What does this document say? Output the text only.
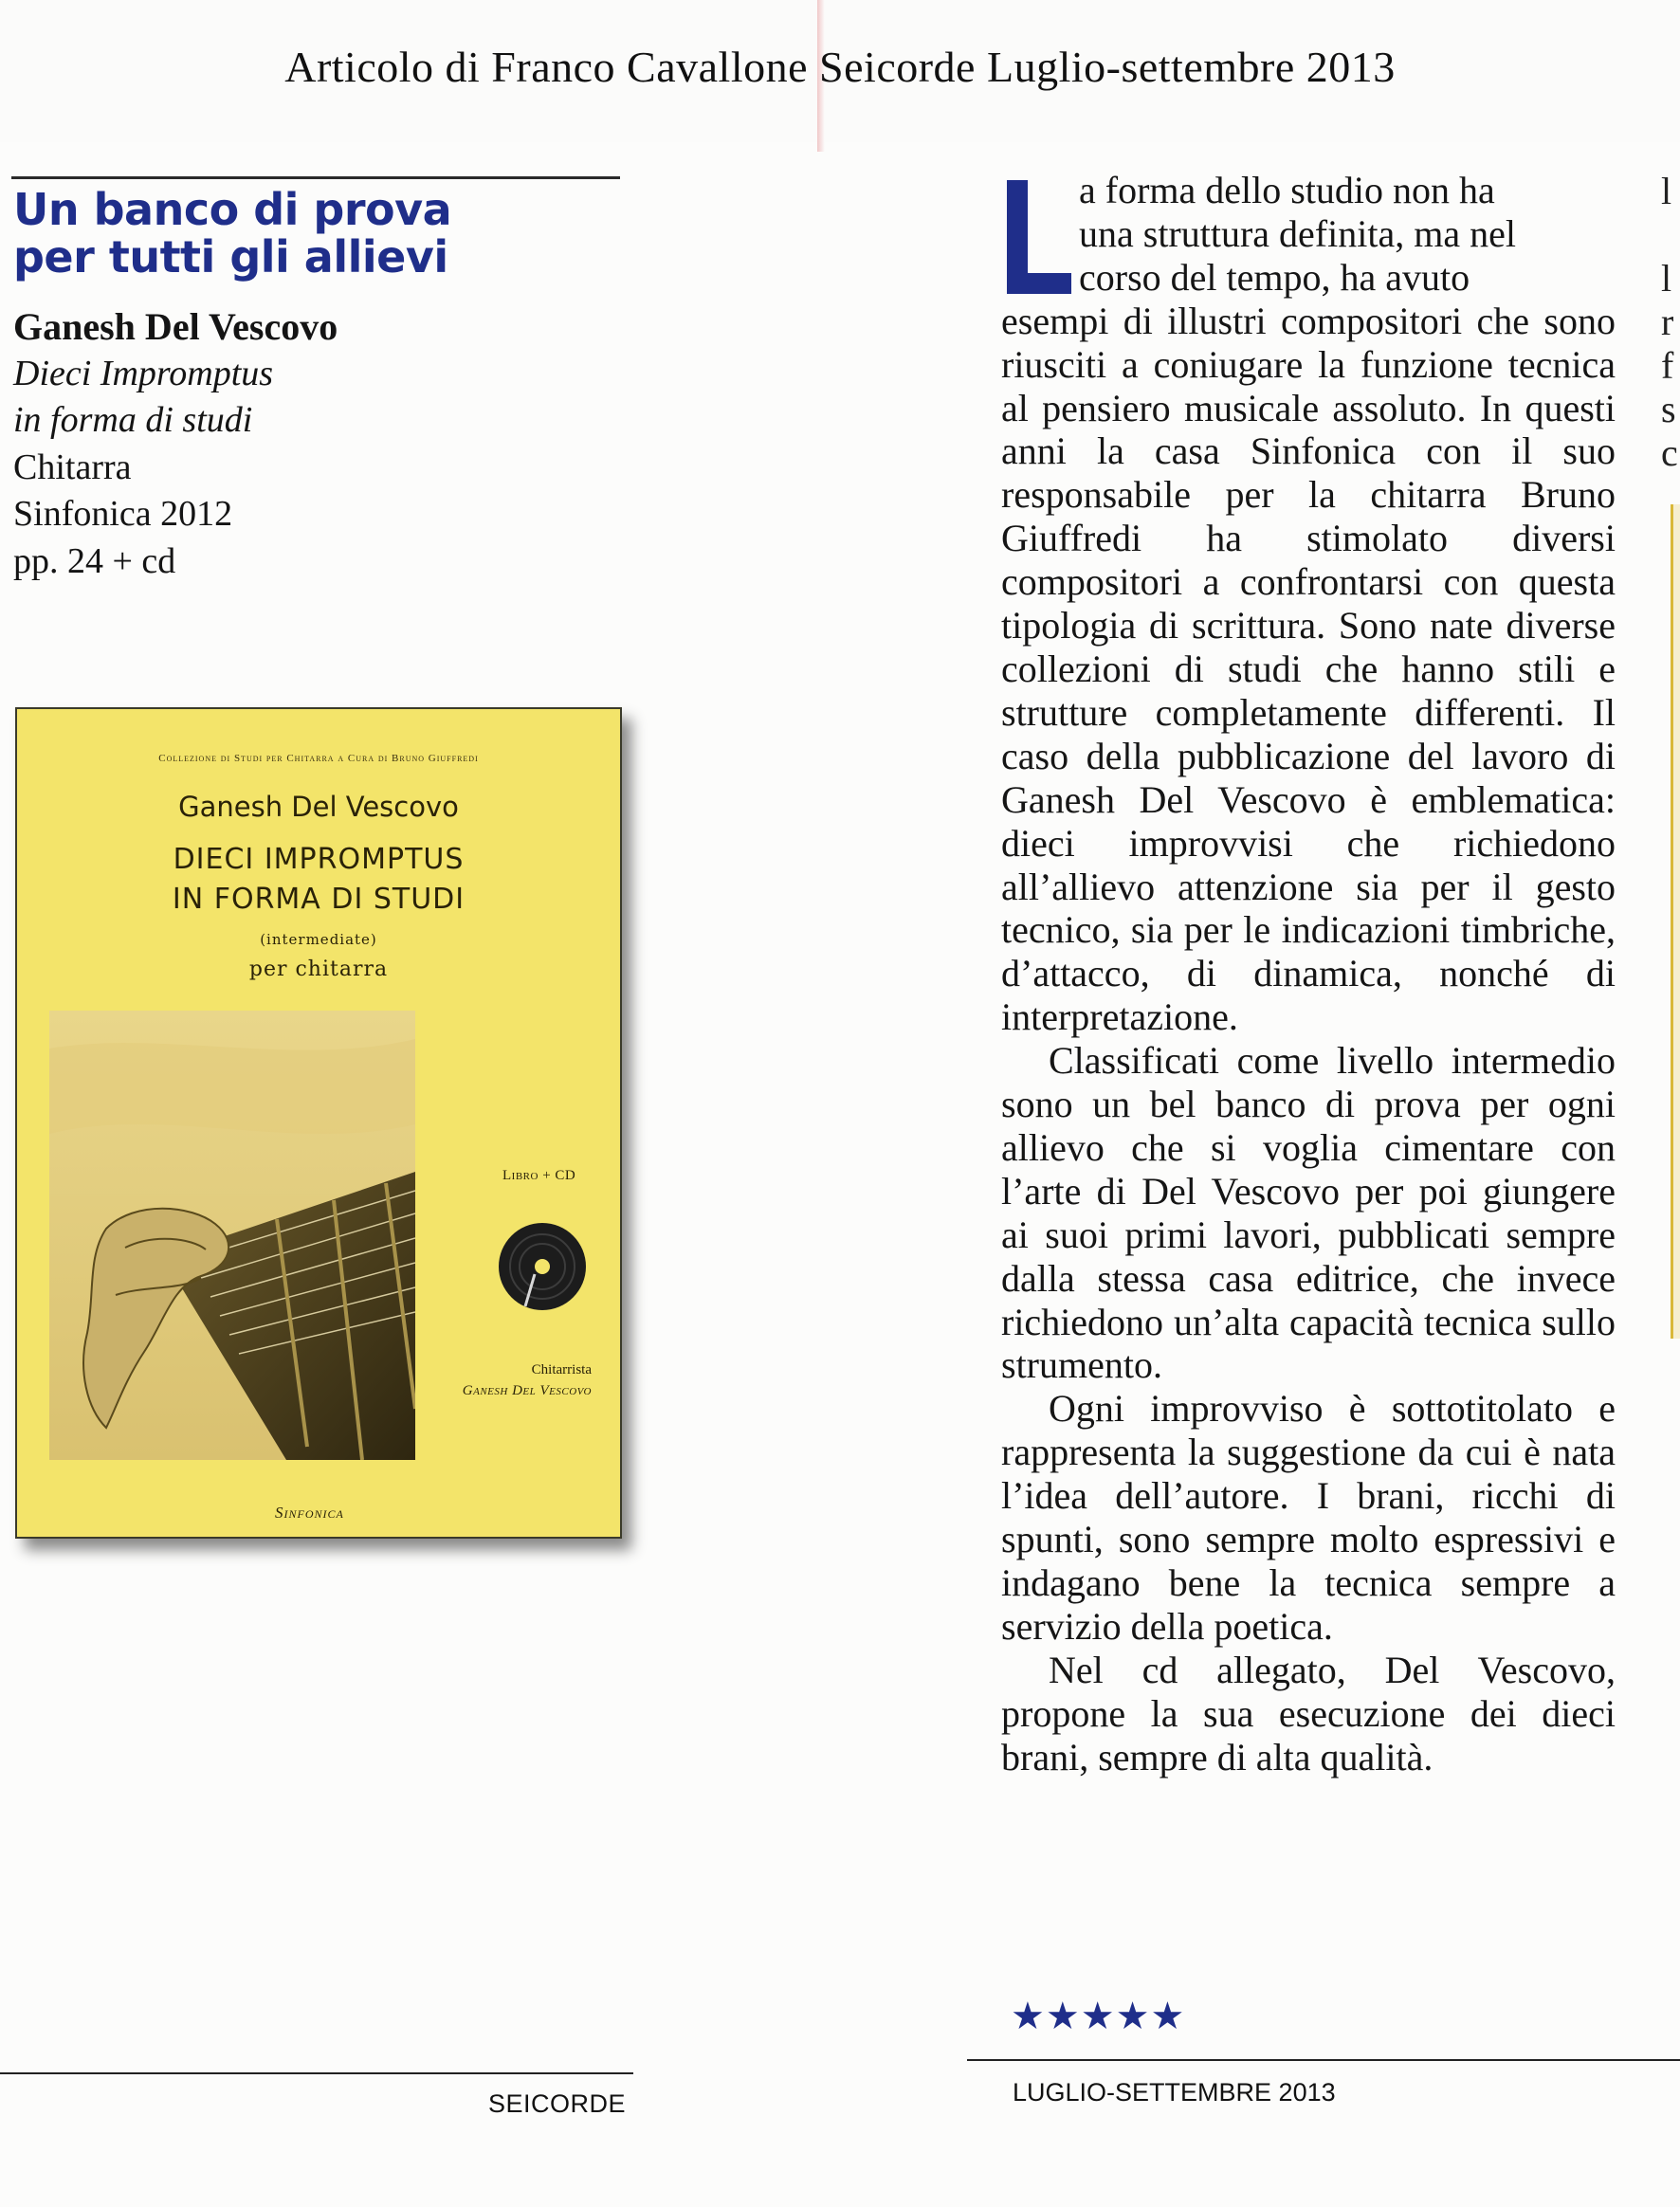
Articolo di Franco Cavallone Seicorde Luglio-settembre 2013
Un banco di prova
per tutti gli allievi
Ganesh Del Vescovo
Dieci Impromptus
in forma di studi
Chitarra
Sinfonica 2012
pp. 24 + cd
Collezione di Studi per Chitarra a Cura di Bruno Giuffredi
Ganesh Del Vescovo
DIECI IMPROMPTUS
IN FORMA DI STUDI
(intermediate)
per chitarra
Libro + CD
Chitarrista
Ganesh Del Vescovo
Sinfonica

a forma dello studio non ha
una struttura definita, ma nel
corso del tempo, ha avuto
esempi di illustri compositori che sono riusciti a coniugare la funzione tecnica al pensiero musicale assoluto. In questi anni la casa Sinfonica con il suo responsabile per la chitarra Bruno Giuffredi ha stimolato diversi compositori a confrontarsi con questa tipologia di scrittura. Sono nate diverse collezioni di studi che hanno stili e strutture completamente differenti. Il caso della pubblicazione del lavoro di Ganesh Del Vescovo è emblematica: dieci improvvisi che richiedono all’allievo attenzione sia per il gesto tecnico, sia per le indicazioni timbriche, d’attacco, di dinamica, nonché di interpretazione.

Classificati come livello intermedio sono un bel banco di prova per ogni allievo che si voglia cimentare con l’arte di Del Vescovo per poi giungere ai suoi primi lavori, pubblicati sempre dalla stessa casa editrice, che invece richiedono un’alta capacità tecnica sullo strumento.

Ogni improvviso è sottotitolato e rappresenta la suggestione da cui è nata l’idea dell’autore. I brani, ricchi di spunti, sono sempre molto espressivi e indagano bene la tecnica sempre a servizio della poetica.

Nel cd allegato, Del Vescovo, propone la sua esecuzione dei dieci brani, sempre di alta qualità.

★★★★★
SEICORDE	LUGLIO-SETTEMBRE 2013
l
l
r
f
s
c
